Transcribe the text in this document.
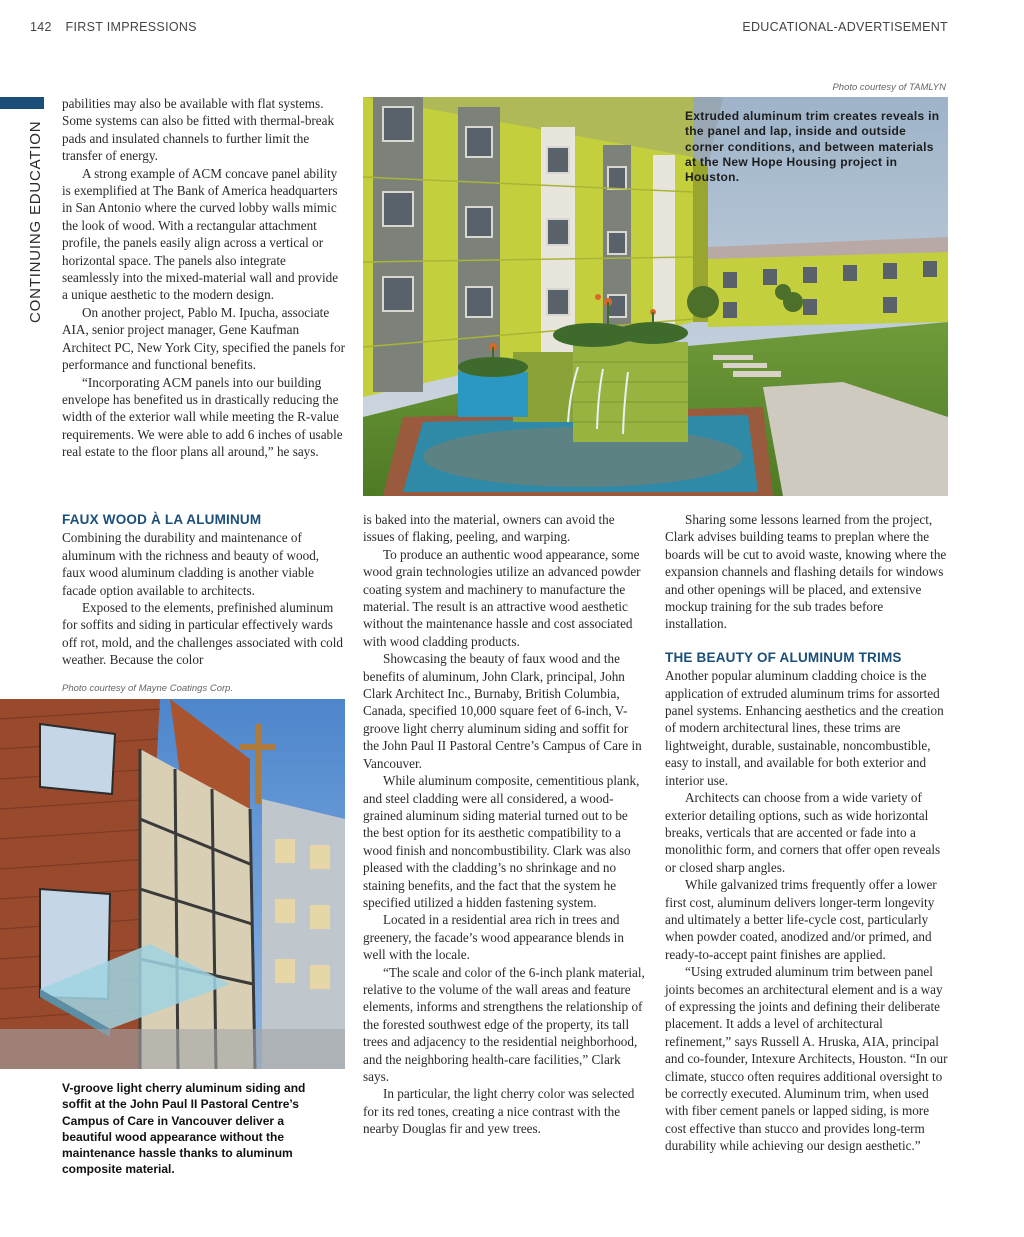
142 FIRST IMPRESSIONS	EDUCATIONAL-ADVERTISEMENT
CONTINUING EDUCATION
Photo courtesy of TAMLYN
Extruded aluminum trim creates reveals in the panel and lap, inside and outside corner conditions, and between materials at the New Hope Housing project in Houston.

pabilities may also be available with flat systems. Some systems can also be fitted with thermal-break pads and insulated channels to further limit the transfer of energy.

A strong example of ACM concave panel ability is exemplified at The Bank of America headquarters in San Antonio where the curved lobby walls mimic the look of wood. With a rectangular attachment profile, the panels easily align across a vertical or horizontal space. The panels also integrate seamlessly into the mixed-material wall and provide a unique aesthetic to the modern design.

On another project, Pablo M. Ipucha, associate AIA, senior project manager, Gene Kaufman Architect PC, New York City, specified the panels for performance and functional benefits.

“Incorporating ACM panels into our building envelope has benefited us in drastically reducing the width of the exterior wall while meeting the R-value requirements. We were able to add 6 inches of usable real estate to the floor plans all around,” he says.

FAUX WOOD À LA ALUMINUM

Combining the durability and maintenance of aluminum with the richness and beauty of wood, faux wood aluminum cladding is another viable facade option available to architects.

Exposed to the elements, prefinished aluminum for soffits and siding in particular effectively wards off rot, mold, and the challenges associated with cold weather. Because the color

Photo courtesy of Mayne Coatings Corp.
V-groove light cherry aluminum siding and soffit at the John Paul II Pastoral Centre’s Campus of Care in Vancouver deliver a beautiful wood appearance without the maintenance hassle thanks to aluminum composite material.

is baked into the material, owners can avoid the issues of flaking, peeling, and warping.

To produce an authentic wood appearance, some wood grain technologies utilize an advanced powder coating system and machinery to manufacture the material. The result is an attractive wood aesthetic without the maintenance hassle and cost associated with wood cladding products.

Showcasing the beauty of faux wood and the benefits of aluminum, John Clark, principal, John Clark Architect Inc., Burnaby, British Columbia, Canada, specified 10,000 square feet of 6-inch, V-groove light cherry aluminum siding and soffit for the John Paul II Pastoral Centre’s Campus of Care in Vancouver.

While aluminum composite, cementitious plank, and steel cladding were all considered, a wood-grained aluminum siding material turned out to be the best option for its aesthetic compatibility to a wood finish and noncombustibility. Clark was also pleased with the cladding’s no shrinkage and no staining benefits, and the fact that the system he specified utilized a hidden fastening system.

Located in a residential area rich in trees and greenery, the facade’s wood appearance blends in well with the locale.

“The scale and color of the 6-inch plank material, relative to the volume of the wall areas and feature elements, informs and strengthens the relationship of the forested southwest edge of the property, its tall trees and adjacency to the residential neighborhood, and the neighboring health-care facilities,” Clark says.

In particular, the light cherry color was selected for its red tones, creating a nice contrast with the nearby Douglas fir and yew trees.

Sharing some lessons learned from the project, Clark advises building teams to preplan where the boards will be cut to avoid waste, knowing where the expansion channels and flashing details for windows and other openings will be placed, and extensive mockup training for the sub trades before installation.

THE BEAUTY OF ALUMINUM TRIMS

Another popular aluminum cladding choice is the application of extruded aluminum trims for assorted panel systems. Enhancing aesthetics and the creation of modern architectural lines, these trims are lightweight, durable, sustainable, noncombustible, easy to install, and available for both exterior and interior use.

Architects can choose from a wide variety of exterior detailing options, such as wide horizontal breaks, verticals that are accented or fade into a monolithic form, and corners that offer open reveals or closed sharp angles.

While galvanized trims frequently offer a lower first cost, aluminum delivers longer-term longevity and ultimately a better life-cycle cost, particularly when powder coated, anodized and/or primed, and ready-to-accept paint finishes are applied.

“Using extruded aluminum trim between panel joints becomes an architectural element and is a way of expressing the joints and defining their deliberate placement. It adds a level of architectural refinement,” says Russell A. Hruska, AIA, principal and co-founder, Intexure Architects, Houston. “In our climate, stucco often requires additional oversight to be correctly executed. Aluminum trim, when used with fiber cement panels or lapped siding, is more cost effective than stucco and provides long-term durability while achieving our design aesthetic.”
